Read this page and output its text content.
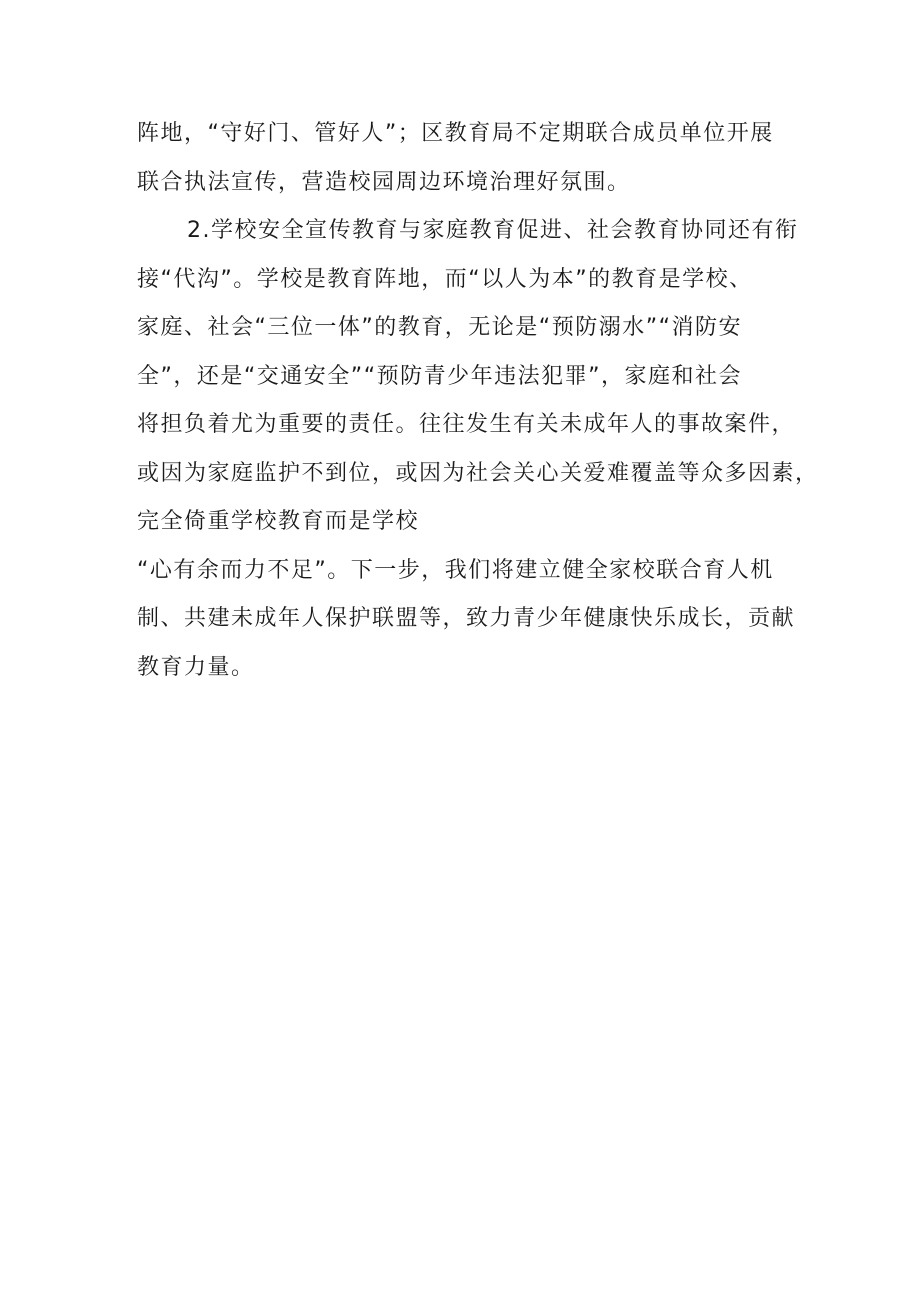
阵地，“守好门、管好人”；区教育局不定期联合成员单位开展
联合执法宣传，营造校园周边环境治理好氛围。
2.学校安全宣传教育与家庭教育促进、社会教育协同还有衔
接“代沟”。学校是教育阵地，而“以人为本”的教育是学校、
家庭、社会“三位一体”的教育，无论是“预防溺水”“消防安
全”，还是“交通安全”“预防青少年违法犯罪”，家庭和社会
将担负着尤为重要的责任。往往发生有关未成年人的事故案件，
或因为家庭监护不到位，或因为社会关心关爱难覆盖等众多因素，
完全倚重学校教育而是学校
“心有余而力不足”。下一步，我们将建立健全家校联合育人机
制、共建未成年人保护联盟等，致力青少年健康快乐成长，贡献
教育力量。
